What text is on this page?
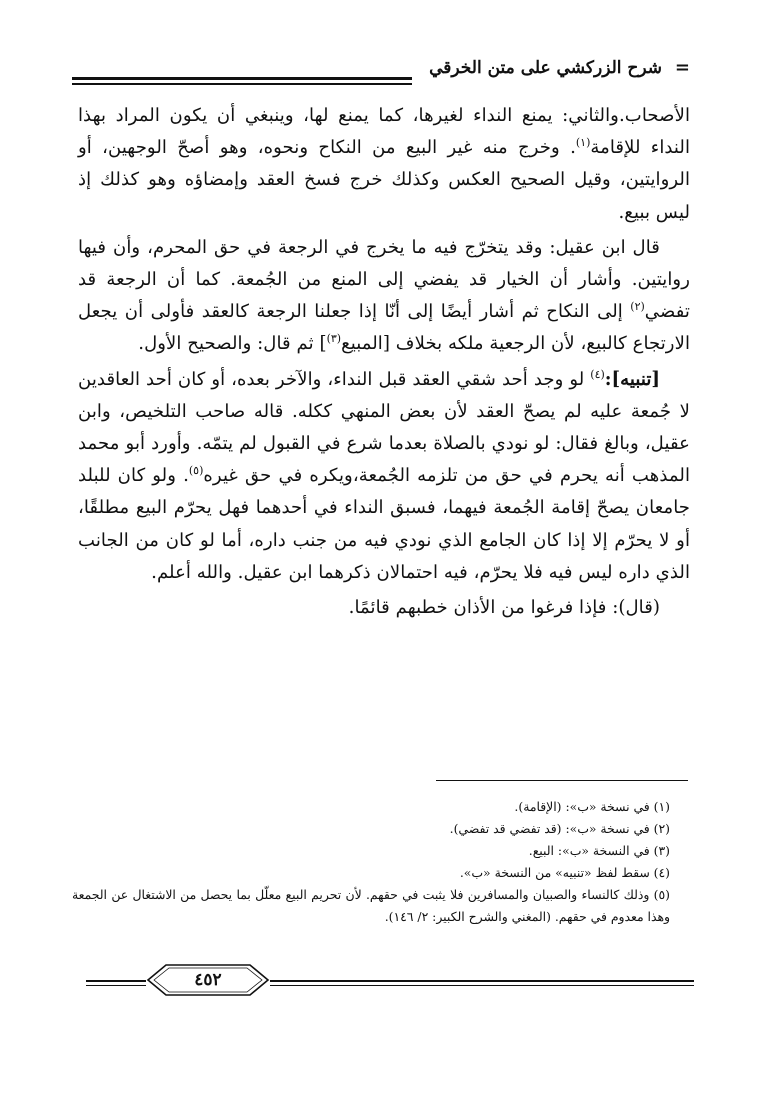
=
شرح الزركشي على متن الخرقي

الأصحاب.والثاني: يمنع النداء لغيرها، كما يمنع لها، وينبغي أن يكون المراد بهذا النداء للإقامة$^{(١)}$. وخرج منه غير البيع من النكاح ونحوه، وهو أصحّ الوجهين، أو الروايتين، وقيل الصحيح العكس وكذلك خرج فسخ العقد وإمضاؤه وهو كذلك إذ ليس ببيع.

قال ابن عقيل: وقد يتخرّج فيه ما يخرج في الرجعة في حق المحرم، وأن فيها روايتين. وأشار أن الخيار قد يفضي إلى المنع من الجُمعة. كما أن الرجعة قد تفضي$^{(٢)}$ إلى النكاح ثم أشار أيضًا إلى أنّا إذا جعلنا الرجعة كالعقد فأولى أن يجعل الارتجاع كالبيع، لأن الرجعية ملكه بخلاف [المبيع$^{(٣)}$] ثم قال: والصحيح الأول.

[تنبيه]:$^{(٤)}$ لو وجد أحد شقي العقد قبل النداء، والآخر بعده، أو كان أحد العاقدين لا جُمعة عليه لم يصحّ العقد لأن بعض المنهي ككله. قاله صاحب التلخيص، وابن عقيل، وبالغ فقال: لو نودي بالصلاة بعدما شرع في القبول لم يتمّه. وأورد أبو محمد المذهب أنه يحرم في حق من تلزمه الجُمعة،ويكره في حق غيره$^{(٥)}$. ولو كان للبلد جامعان يصحّ إقامة الجُمعة فيهما، فسبق النداء في أحدهما فهل يحرّم البيع مطلقًا، أو لا يحرّم إلا إذا كان الجامع الذي نودي فيه من جنب داره، أما لو كان من الجانب الذي داره ليس فيه فلا يحرّم، فيه احتمالان ذكرهما ابن عقيل. والله أعلم.

(قال): فإذا فرغوا من الأذان خطبهم قائمًا.

(١) في نسخة «ب»: (الإقامة).

(٢) في نسخة «ب»: (قد تفضي قد تفضي).

(٣) في النسخة «ب»: البيع.

(٤) سقط لفظ «تنبيه» من النسخة «ب».

(٥) وذلك كالنساء والصبيان والمسافرين فلا يثبت في حقهم. لأن تحريم البيع معلّل بما يحصل من الاشتغال عن الجمعة وهذا معدوم في حقهم. (المغني والشرح الكبير: ٢/ ١٤٦).

٤٥٢
